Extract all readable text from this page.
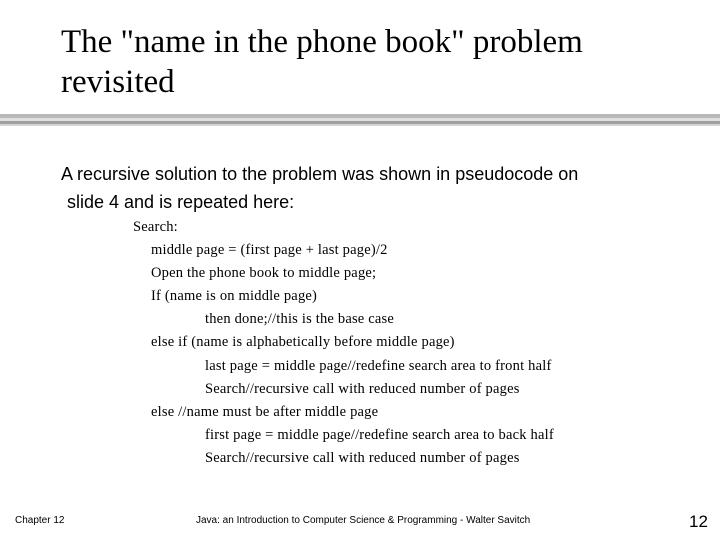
The "name in the phone book" problem
revisited
A recursive solution to the problem was shown in pseudocode on
slide 4 and is repeated here:
Search:
middle page = (first page + last page)/2
Open the phone book to middle page;
If (name is on middle page)
then done;//this is the base case
else if (name is alphabetically before middle page)
last page = middle page//redefine search area to front half
Search//recursive call with reduced number of pages
else //name must be after middle page
first page = middle page//redefine search area to back half
Search//recursive call with reduced number of pages
Chapter 12	Java: an Introduction to Computer Science & Programming - Walter Savitch	12
